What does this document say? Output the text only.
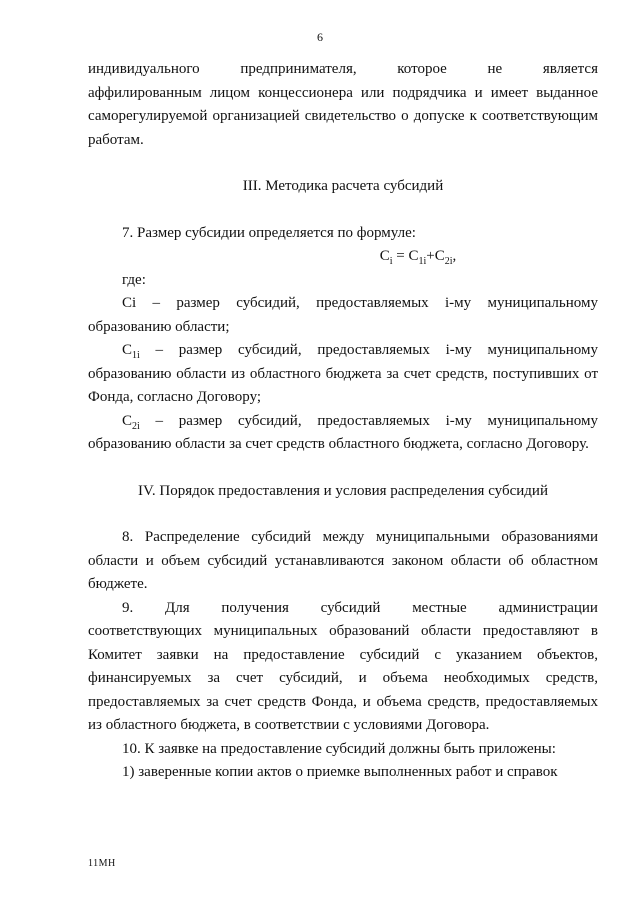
6
индивидуального	предпринимателя,	которое	не	является

аффилированным лицом концессионера или подрядчика и имеет выданное саморегулируемой организацией свидетельство о допуске к соответствующим работам.

III. Методика расчета субсидий

7. Размер субсидии определяется по формуле:

$C_i = C_{1i}+C_{2i}$,

где:

Ci – размер субсидий, предоставляемых i-му муниципальному образованию области;

$C_{1i}$ – размер субсидий, предоставляемых i-му муниципальному образованию области из областного бюджета за счет средств, поступивших от Фонда, согласно Договору;

$C_{2i}$ – размер субсидий, предоставляемых i-му муниципальному образованию области за счет средств областного бюджета, согласно Договору.

IV. Порядок предоставления и условия распределения субсидий

8. Распределение субсидий между муниципальными образованиями области и объем субсидий устанавливаются законом области об областном бюджете.

9. Для получения субсидий местные администрации

соответствующих муниципальных образований области предоставляют в Комитет заявки на предоставление субсидий с указанием объектов, финансируемых за счет субсидий, и объема необходимых средств, предоставляемых за счет средств Фонда, и объема средств, предоставляемых из областного бюджета, в соответствии с условиями Договора.

10. К заявке на предоставление субсидий должны быть приложены:

1) заверенные копии актов о приемке выполненных работ и справок

11МН
